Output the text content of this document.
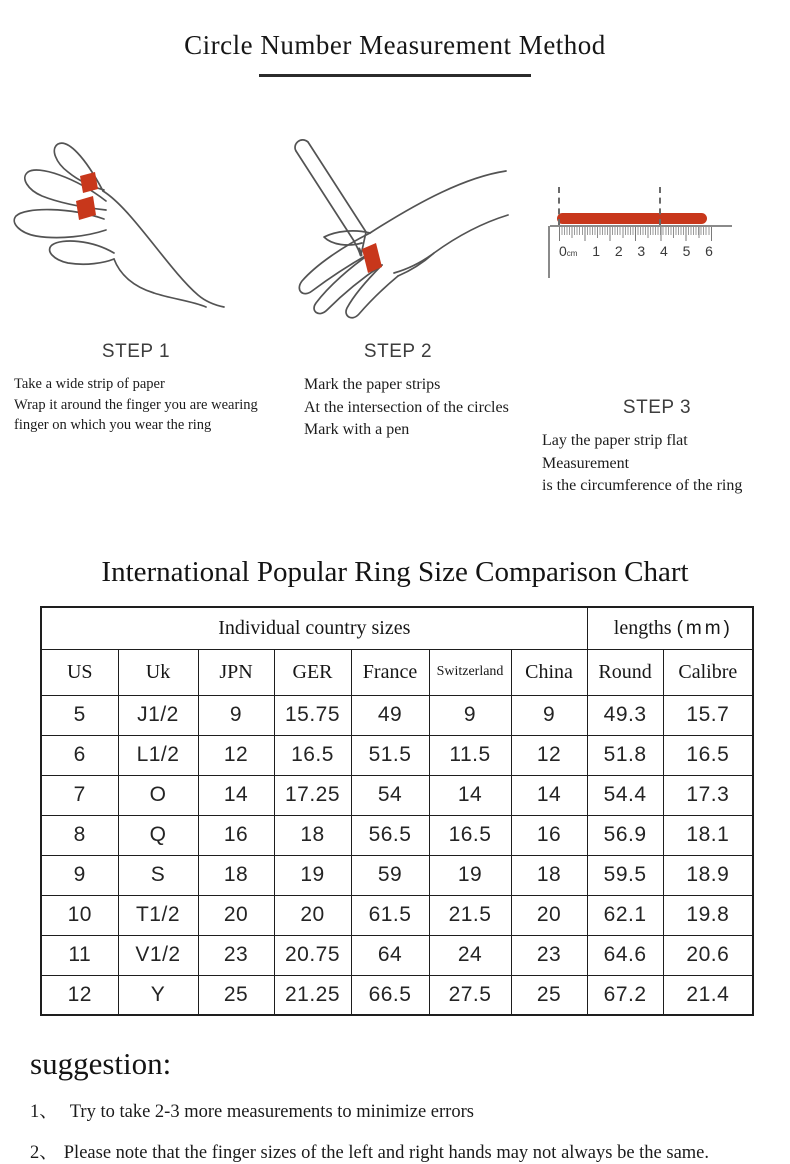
Circle Number Measurement Method
STEP 1
Take a wide strip of paper
Wrap it around the finger you are wearing
finger on which you wear the ring
STEP 2
Mark the paper strips
At the intersection of the circles
Mark with a pen
0cm 1 2 3 4 5 6
STEP 3
Lay the paper strip flat
Measurement
is the circumference of the ring
International Popular Ring Size Comparison Chart
Individual country sizes							lengths (mm)	
US	Uk	JPN	GER	France	Switzerland	China	Round	Calibre
5	J1/2	9	15.75	49	9	9	49.3	15.7
6	L1/2	12	16.5	51.5	11.5	12	51.8	16.5
7	O	14	17.25	54	14	14	54.4	17.3
8	Q	16	18	56.5	16.5	16	56.9	18.1
9	S	18	19	59	19	18	59.5	18.9
10	T1/2	20	20	61.5	21.5	20	62.1	19.8
11	V1/2	23	20.75	64	24	23	64.6	20.6
12	Y	25	21.25	66.5	27.5	25	67.2	21.4
suggestion:
1、 Try to take 2-3 more measurements to minimize errors
2、 Please note that the finger sizes of the left and right hands may not always be the same.
